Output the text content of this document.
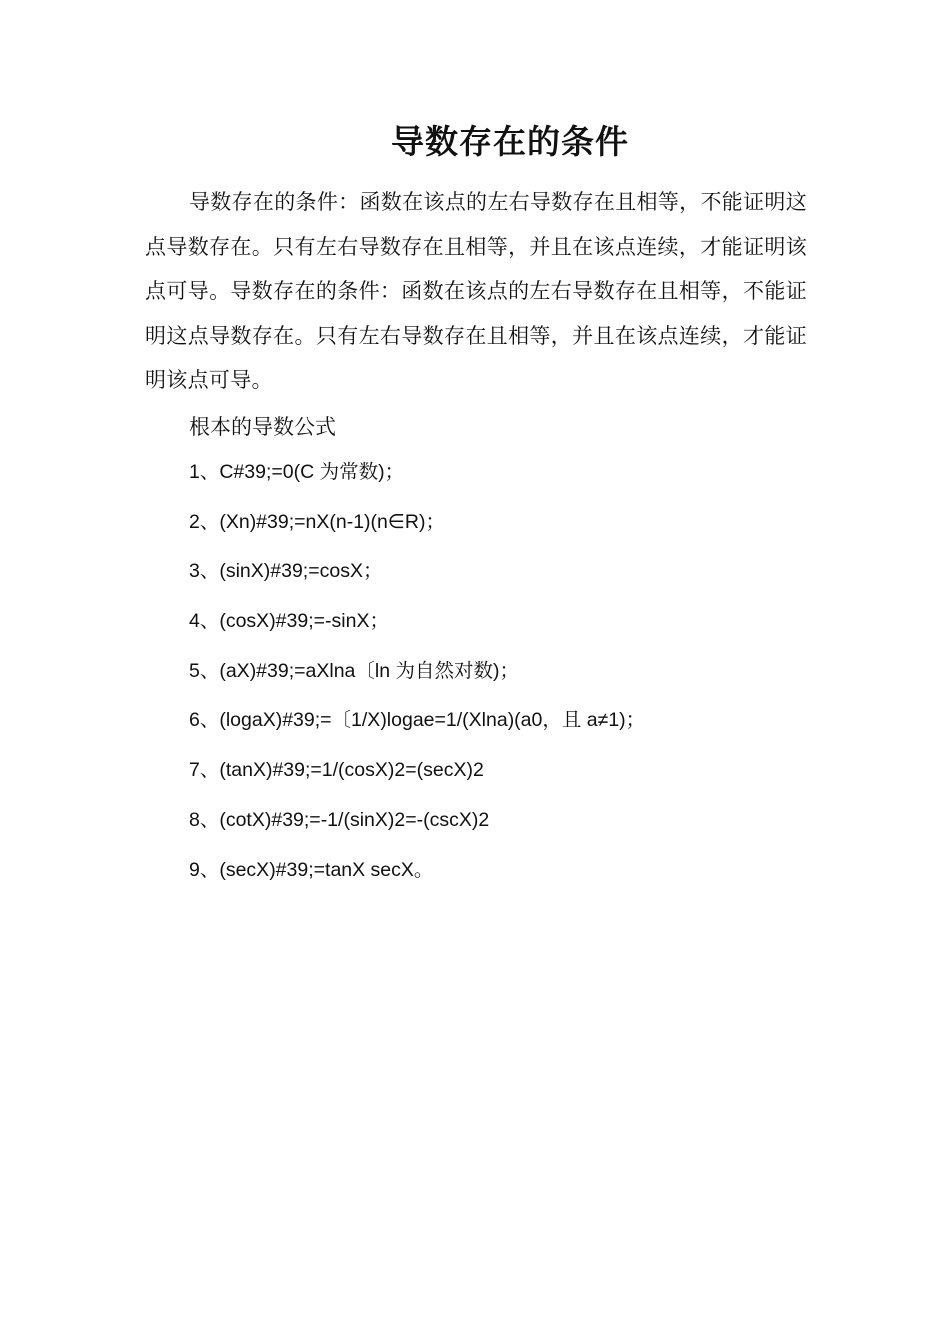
导数存在的条件

导数存在的条件：函数在该点的左右导数存在且相等，不能证明这点导数存在。只有左右导数存在且相等，并且在该点连续，才能证明该点可导。导数存在的条件：函数在该点的左右导数存在且相等，不能证明这点导数存在。只有左右导数存在且相等，并且在该点连续，才能证明该点可导。

根本的导数公式
1、C#39;=0(C 为常数)；
2、(Xn)#39;=nX(n-1)(n∈R)；
3、(sinX)#39;=cosX；
4、(cosX)#39;=-sinX；
5、(aX)#39;=aXlna〔ln 为自然对数)；
6、(logaX)#39;=〔1/X)logae=1/(Xlna)(a0，且 a≠1)；
7、(tanX)#39;=1/(cosX)2=(secX)2
8、(cotX)#39;=-1/(sinX)2=-(cscX)2
9、(secX)#39;=tanX secX。
